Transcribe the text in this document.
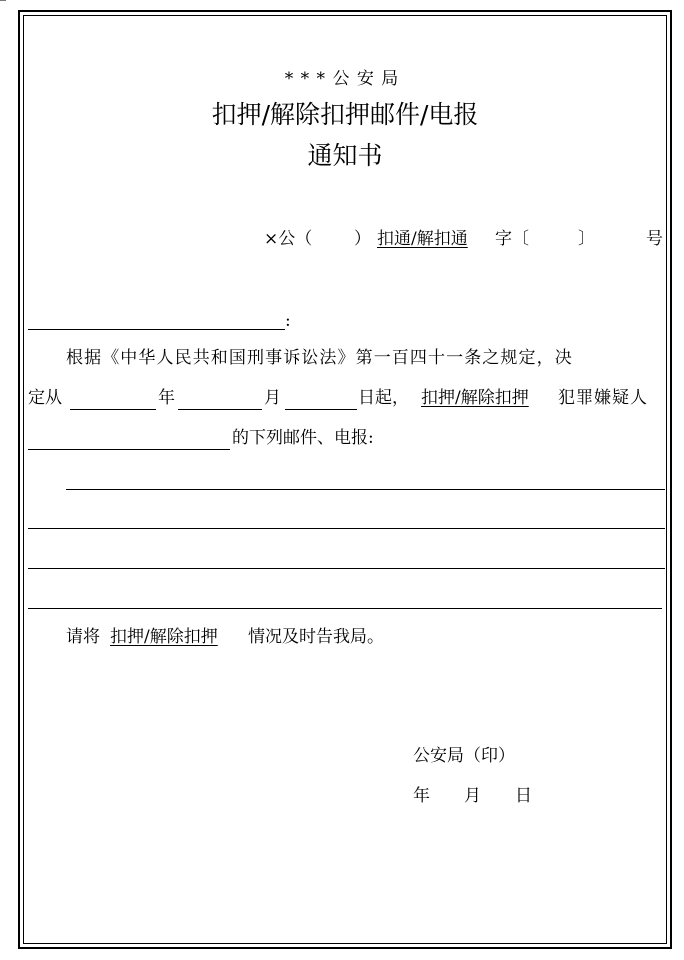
* * * 公 安 局
扣押/解除扣押邮件/电报
通知书
×公（ ） 扣通/解扣通 字〔	〕	号
:
根据《中华人民共和国刑事诉讼法》第一百四十一条之规定，决
定从	年	月	日起， 扣押/解除扣押 犯罪嫌疑人
的下列邮件、电报:
请将 扣押/解除扣押 情况及时告我局。
公安局（印）
年　　月　　日
